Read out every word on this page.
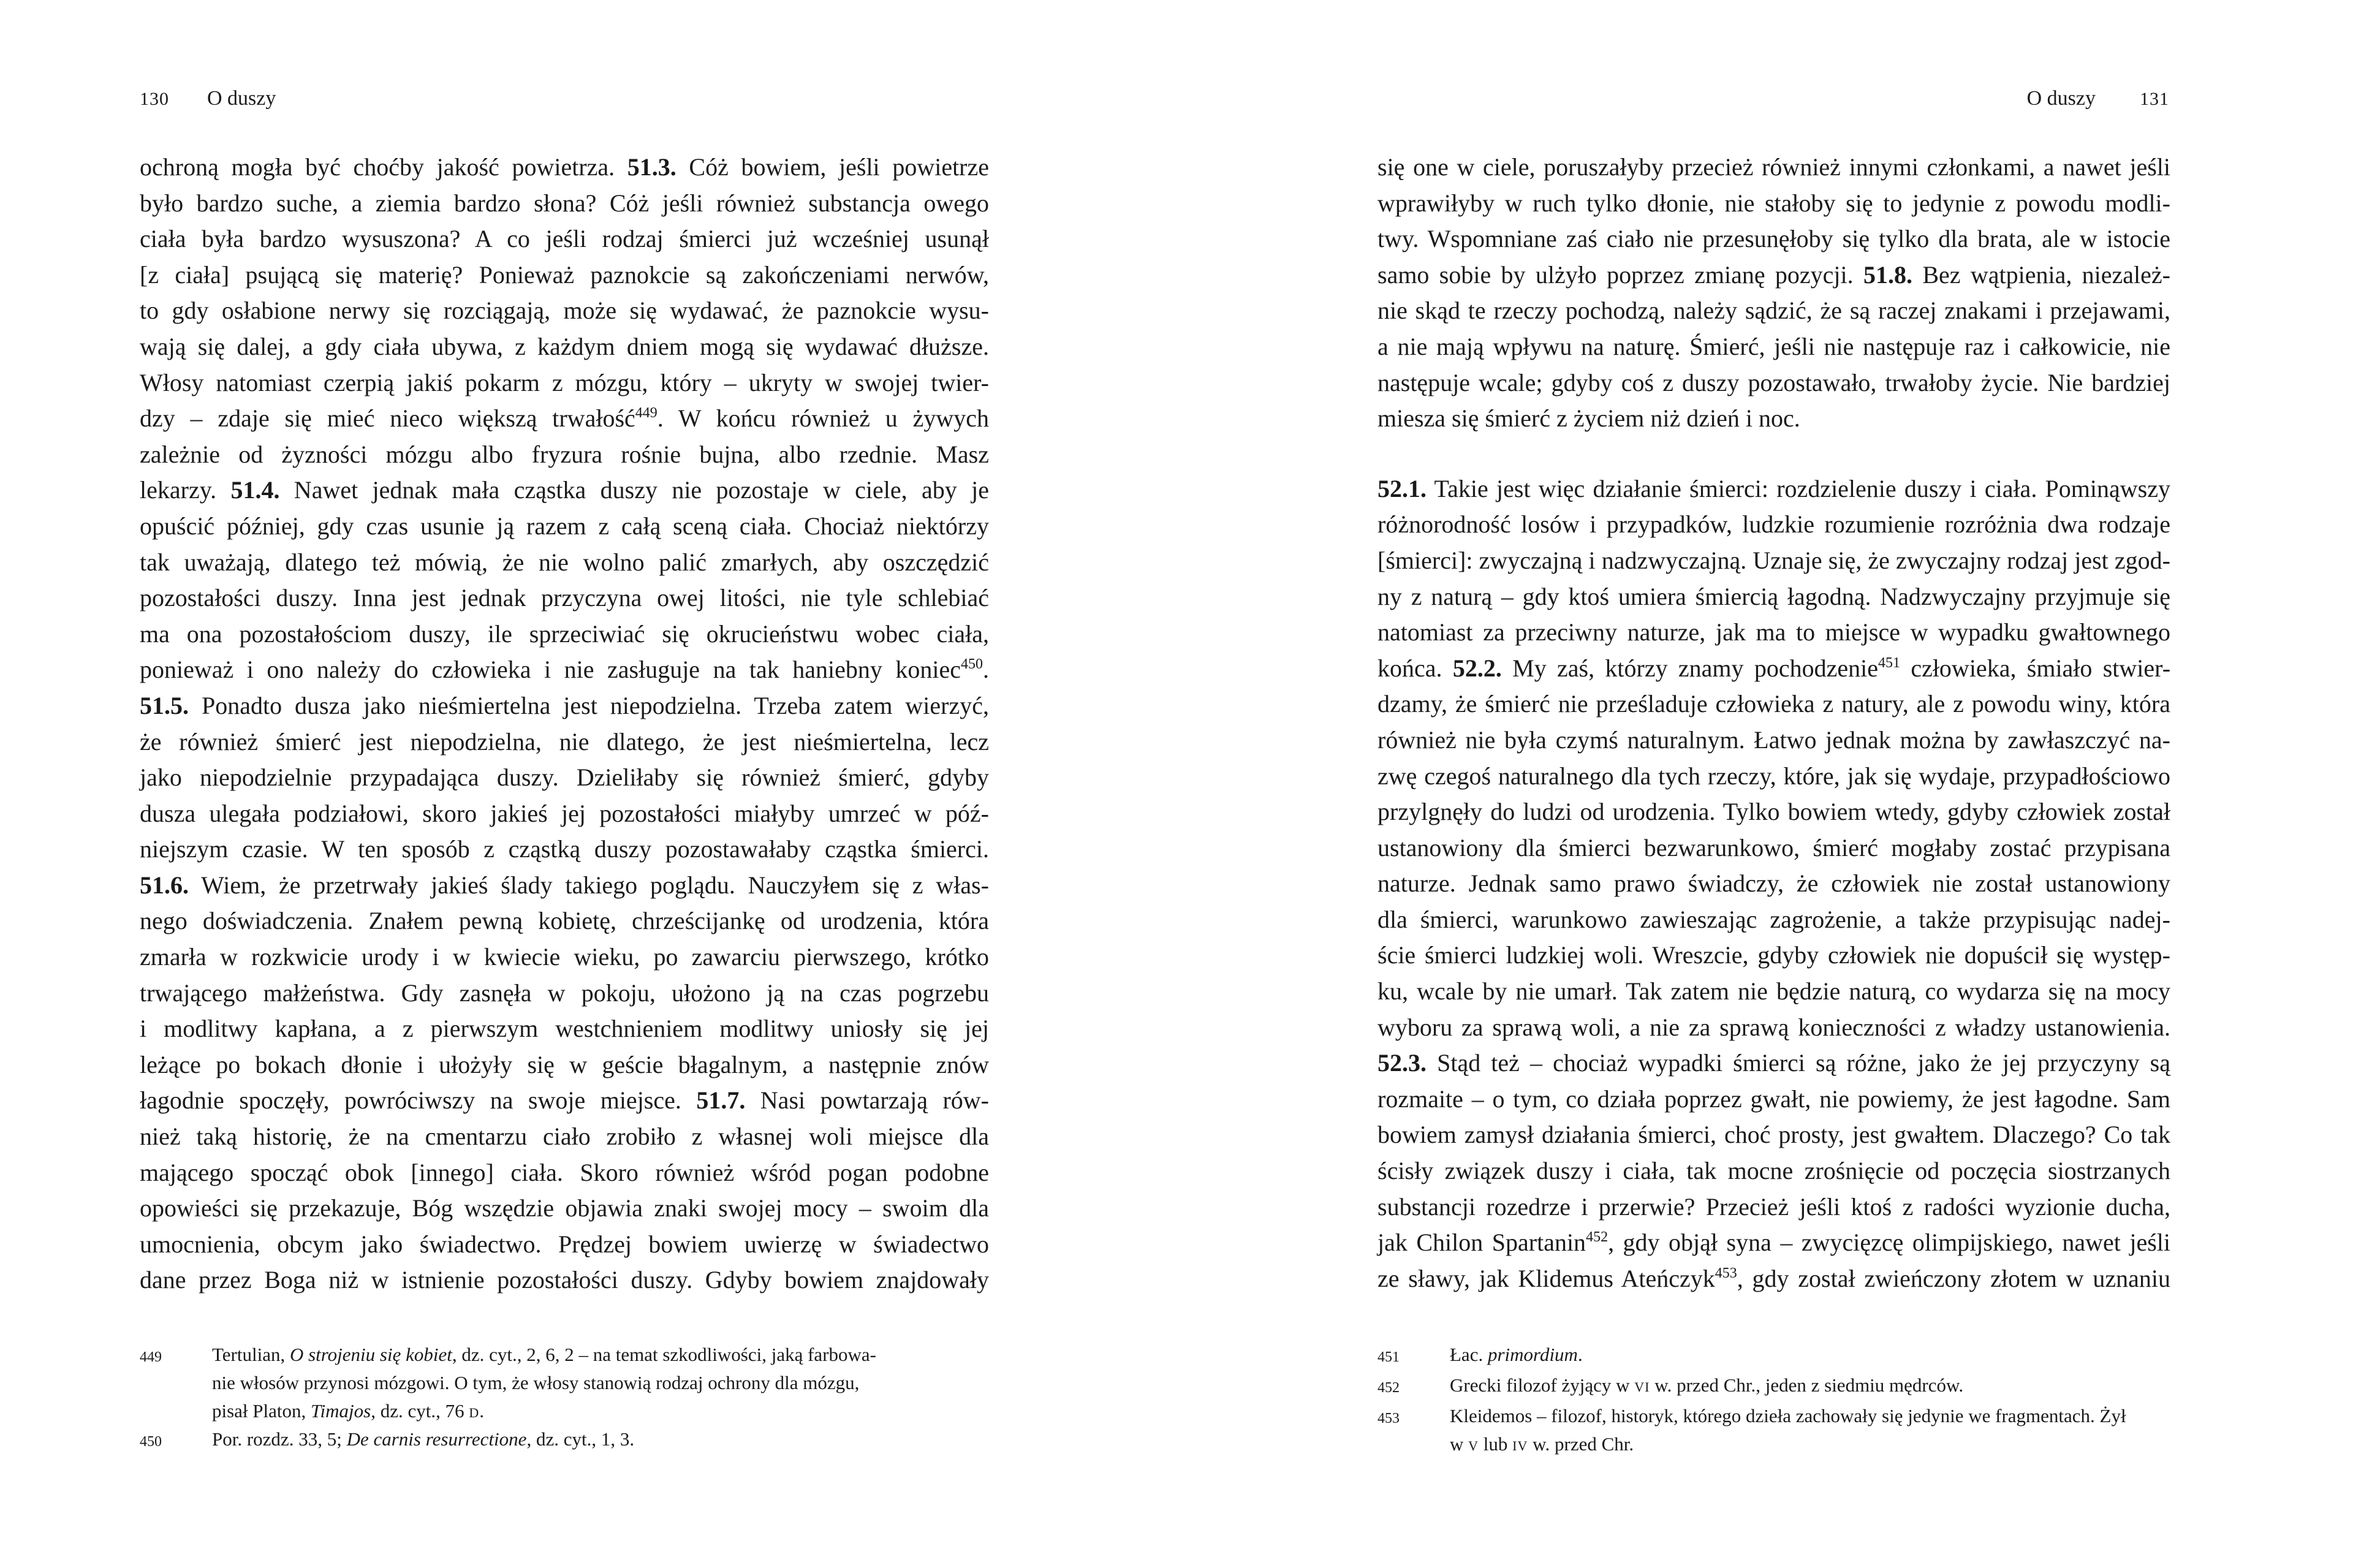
130 O duszy
ochroną mogła być choćby jakość powietrza. 51.3. Cóż bowiem, jeśli powietrze
było bardzo suche, a ziemia bardzo słona? Cóż jeśli również substancja owego
ciała była bardzo wysuszona? A co jeśli rodzaj śmierci już wcześniej usunął
[z ciała] psującą się materię? Ponieważ paznokcie są zakończeniami nerwów,
to gdy osłabione nerwy się rozciągają, może się wydawać, że paznokcie wysu-
wają się dalej, a gdy ciała ubywa, z każdym dniem mogą się wydawać dłuższe.
Włosy natomiast czerpią jakiś pokarm z mózgu, który – ukryty w swojej twier-
dzy – zdaje się mieć nieco większą trwałość$^{449}$. W końcu również u żywych
zależnie od żyzności mózgu albo fryzura rośnie bujna, albo rzednie. Masz
lekarzy. 51.4. Nawet jednak mała cząstka duszy nie pozostaje w ciele, aby je
opuścić później, gdy czas usunie ją razem z całą sceną ciała. Chociaż niektórzy
tak uważają, dlatego też mówią, że nie wolno palić zmarłych, aby oszczędzić
pozostałości duszy. Inna jest jednak przyczyna owej litości, nie tyle schlebiać
ma ona pozostałościom duszy, ile sprzeciwiać się okrucieństwu wobec ciała,
ponieważ i ono należy do człowieka i nie zasługuje na tak haniebny koniec$^{450}$.
51.5. Ponadto dusza jako nieśmiertelna jest niepodzielna. Trzeba zatem wierzyć,
że również śmierć jest niepodzielna, nie dlatego, że jest nieśmiertelna, lecz
jako niepodzielnie przypadająca duszy. Dzieliłaby się również śmierć, gdyby
dusza ulegała podziałowi, skoro jakieś jej pozostałości miałyby umrzeć w póź-
niejszym czasie. W ten sposób z cząstką duszy pozostawałaby cząstka śmierci.
51.6. Wiem, że przetrwały jakieś ślady takiego poglądu. Nauczyłem się z włas-
nego doświadczenia. Znałem pewną kobietę, chrześcijankę od urodzenia, która
zmarła w rozkwicie urody i w kwiecie wieku, po zawarciu pierwszego, krótko
trwającego małżeństwa. Gdy zasnęła w pokoju, ułożono ją na czas pogrzebu
i modlitwy kapłana, a z pierwszym westchnieniem modlitwy uniosły się jej
leżące po bokach dłonie i ułożyły się w geście błagalnym, a następnie znów
łagodnie spoczęły, powróciwszy na swoje miejsce. 51.7. Nasi powtarzają rów-
nież taką historię, że na cmentarzu ciało zrobiło z własnej woli miejsce dla
mającego spocząć obok [innego] ciała. Skoro również wśród pogan podobne
opowieści się przekazuje, Bóg wszędzie objawia znaki swojej mocy – swoim dla
umocnienia, obcym jako świadectwo. Prędzej bowiem uwierzę w świadectwo
dane przez Boga niż w istnienie pozostałości duszy. Gdyby bowiem znajdowały
449	Tertulian, O strojeniu się kobiet, dz. cyt., 2, 6, 2 – na temat szkodliwości, jaką farbowa-
nie włosów przynosi mózgowi. O tym, że włosy stanowią rodzaj ochrony dla mózgu,
pisał Platon, Timajos, dz. cyt., 76 d.
450	Por. rozdz. 33, 5; De carnis resurrectione, dz. cyt., 1, 3.
O duszy 131
się one w ciele, poruszałyby przecież również innymi członkami, a nawet jeśli
wprawiłyby w ruch tylko dłonie, nie stałoby się to jedynie z powodu modli-
twy. Wspomniane zaś ciało nie przesunęłoby się tylko dla brata, ale w istocie
samo sobie by ulżyło poprzez zmianę pozycji. 51.8. Bez wątpienia, niezależ-
nie skąd te rzeczy pochodzą, należy sądzić, że są raczej znakami i przejawami,
a nie mają wpływu na naturę. Śmierć, jeśli nie następuje raz i całkowicie, nie
następuje wcale; gdyby coś z duszy pozostawało, trwałoby życie. Nie bardziej
miesza się śmierć z życiem niż dzień i noc.
52.1. Takie jest więc działanie śmierci: rozdzielenie duszy i ciała. Pominąwszy
różnorodność losów i przypadków, ludzkie rozumienie rozróżnia dwa rodzaje
[śmierci]: zwyczajną i nadzwyczajną. Uznaje się, że zwyczajny rodzaj jest zgod-
ny z naturą – gdy ktoś umiera śmiercią łagodną. Nadzwyczajny przyjmuje się
natomiast za przeciwny naturze, jak ma to miejsce w wypadku gwałtownego
końca. 52.2. My zaś, którzy znamy pochodzenie$^{451}$ człowieka, śmiało stwier-
dzamy, że śmierć nie prześladuje człowieka z natury, ale z powodu winy, która
również nie była czymś naturalnym. Łatwo jednak można by zawłaszczyć na-
zwę czegoś naturalnego dla tych rzeczy, które, jak się wydaje, przypadłościowo
przylgnęły do ludzi od urodzenia. Tylko bowiem wtedy, gdyby człowiek został
ustanowiony dla śmierci bezwarunkowo, śmierć mogłaby zostać przypisana
naturze. Jednak samo prawo świadczy, że człowiek nie został ustanowiony
dla śmierci, warunkowo zawieszając zagrożenie, a także przypisując nadej-
ście śmierci ludzkiej woli. Wreszcie, gdyby człowiek nie dopuścił się występ-
ku, wcale by nie umarł. Tak zatem nie będzie naturą, co wydarza się na mocy
wyboru za sprawą woli, a nie za sprawą konieczności z władzy ustanowienia.
52.3. Stąd też – chociaż wypadki śmierci są różne, jako że jej przyczyny są
rozmaite – o tym, co działa poprzez gwałt, nie powiemy, że jest łagodne. Sam
bowiem zamysł działania śmierci, choć prosty, jest gwałtem. Dlaczego? Co tak
ścisły związek duszy i ciała, tak mocne zrośnięcie od poczęcia siostrzanych
substancji rozedrze i przerwie? Przecież jeśli ktoś z radości wyzionie ducha,
jak Chilon Spartanin$^{452}$, gdy objął syna – zwycięzcę olimpijskiego, nawet jeśli
ze sławy, jak Klidemus Ateńczyk$^{453}$, gdy został zwieńczony złotem w uznaniu
451	Łac. primordium.
452	Grecki filozof żyjący w vi w. przed Chr., jeden z siedmiu mędrców.
453	Kleidemos – filozof, historyk, którego dzieła zachowały się jedynie we fragmentach. Żył
w v lub iv w. przed Chr.
